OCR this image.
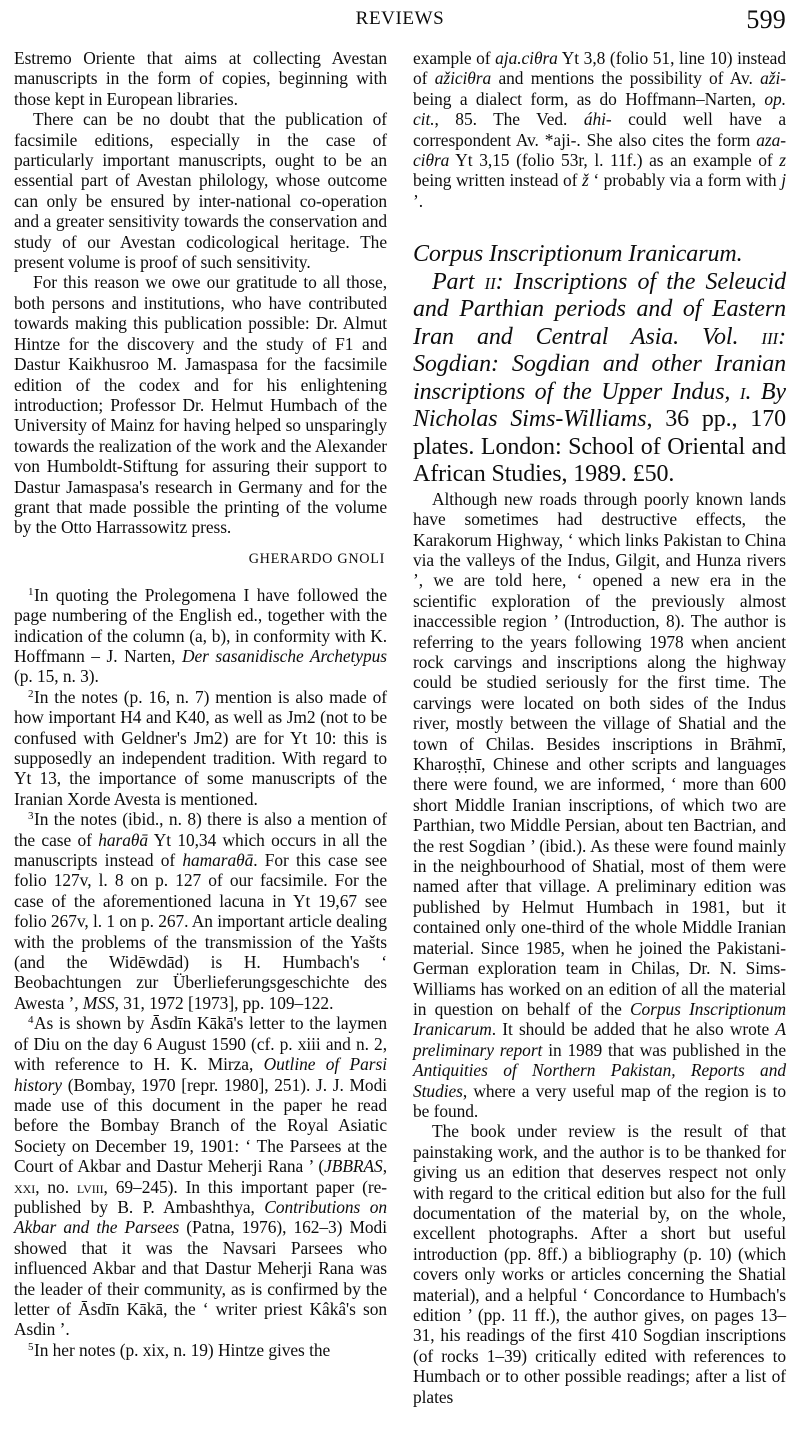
REVIEWS	599

Estremo Oriente that aims at collecting Avestan manuscripts in the form of copies, beginning with those kept in European libraries.

There can be no doubt that the publication of facsimile editions, especially in the case of particularly important manuscripts, ought to be an essential part of Avestan philology, whose outcome can only be ensured by inter-national co-operation and a greater sensitivity towards the conservation and study of our Avestan codicological heritage. The present volume is proof of such sensitivity.

For this reason we owe our gratitude to all those, both persons and institutions, who have contributed towards making this publication possible: Dr. Almut Hintze for the discovery and the study of F1 and Dastur Kaikhusroo M. Jamaspasa for the facsimile edition of the codex and for his enlightening introduction; Professor Dr. Helmut Humbach of the University of Mainz for having helped so unsparingly towards the realization of the work and the Alexander von Humboldt-Stiftung for assuring their support to Dastur Jamaspasa's research in Germany and for the grant that made possible the printing of the volume by the Otto Harrassowitz press.

GHERARDO GNOLI

$^1$In quoting the Prolegomena I have followed the page numbering of the English ed., together with the indication of the column (a, b), in conformity with K. Hoffmann – J. Narten, Der sasanidische Archetypus (p. 15, n. 3).

$^2$In the notes (p. 16, n. 7) mention is also made of how important H4 and K40, as well as Jm2 (not to be confused with Geldner's Jm2) are for Yt 10: this is supposedly an independent tradition. With regard to Yt 13, the importance of some manuscripts of the Iranian Xorde Avesta is mentioned.

$^3$In the notes (ibid., n. 8) there is also a mention of the case of haraθā Yt 10,34 which occurs in all the manuscripts instead of hamaraθā. For this case see folio 127v, l. 8 on p. 127 of our facsimile. For the case of the aforementioned lacuna in Yt 19,67 see folio 267v, l. 1 on p. 267. An important article dealing with the problems of the transmission of the Yašts (and the Widēwdād) is H. Humbach's ‘ Beobachtungen zur Überlieferungsgeschichte des Awesta ’, MSS, 31, 1972 [1973], pp. 109–122.

$^4$As is shown by Āsdīn Kākā's letter to the laymen of Diu on the day 6 August 1590 (cf. p. xiii and n. 2, with reference to H. K. Mirza, Outline of Parsi history (Bombay, 1970 [repr. 1980], 251). J. J. Modi made use of this document in the paper he read before the Bombay Branch of the Royal Asiatic Society on December 19, 1901: ‘ The Parsees at the Court of Akbar and Dastur Meherji Rana ’ (JBBRAS, xxi, no. lviii, 69–245). In this important paper (re-published by B. P. Ambashthya, Contributions on Akbar and the Parsees (Patna, 1976), 162–3) Modi showed that it was the Navsari Parsees who influenced Akbar and that Dastur Meherji Rana was the leader of their community, as is confirmed by the letter of Āsdīn Kākā, the ‘ writer priest Kâkâ's son Asdin ’.

$^5$In her notes (p. xix, n. 19) Hintze gives the

example of aja.ciθra Yt 3,8 (folio 51, line 10) instead of ažiciθra and mentions the possibility of Av. aži- being a dialect form, as do Hoffmann–Narten, op. cit., 85. The Ved. áhi- could well have a correspondent Av. *aji-. She also cites the form aza-ciθra Yt 3,15 (folio 53r, l. 11f.) as an example of z being written instead of ž ‘ probably via a form with j ’.

Corpus Inscriptionum Iranicarum.
Part ii: Inscriptions of the Seleucid and Parthian periods and of Eastern Iran and Central Asia. Vol. iii: Sogdian: Sogdian and other Iranian inscriptions of the Upper Indus, i. By Nicholas Sims-Williams, 36 pp., 170 plates. London: School of Oriental and African Studies, 1989. £50.

Although new roads through poorly known lands have sometimes had destructive effects, the Karakorum Highway, ‘ which links Pakistan to China via the valleys of the Indus, Gilgit, and Hunza rivers ’, we are told here, ‘ opened a new era in the scientific exploration of the previously almost inaccessible region ’ (Introduction, 8). The author is referring to the years following 1978 when ancient rock carvings and inscriptions along the highway could be studied seriously for the first time. The carvings were located on both sides of the Indus river, mostly between the village of Shatial and the town of Chilas. Besides inscriptions in Brāhmī, Kharoṣṭhī, Chinese and other scripts and languages there were found, we are informed, ‘ more than 600 short Middle Iranian inscriptions, of which two are Parthian, two Middle Persian, about ten Bactrian, and the rest Sogdian ’ (ibid.). As these were found mainly in the neighbourhood of Shatial, most of them were named after that village. A preliminary edition was published by Helmut Humbach in 1981, but it contained only one-third of the whole Middle Iranian material. Since 1985, when he joined the Pakistani-German exploration team in Chilas, Dr. N. Sims-Williams has worked on an edition of all the material in question on behalf of the Corpus Inscriptionum Iranicarum. It should be added that he also wrote A preliminary report in 1989 that was published in the Antiquities of Northern Pakistan, Reports and Studies, where a very useful map of the region is to be found.

The book under review is the result of that painstaking work, and the author is to be thanked for giving us an edition that deserves respect not only with regard to the critical edition but also for the full documentation of the material by, on the whole, excellent photographs. After a short but useful introduction (pp. 8ff.) a bibliography (p. 10) (which covers only works or articles concerning the Shatial material), and a helpful ‘ Concordance to Humbach's edition ’ (pp. 11 ff.), the author gives, on pages 13–31, his readings of the first 410 Sogdian inscriptions (of rocks 1–39) critically edited with references to Humbach or to other possible readings; after a list of plates
